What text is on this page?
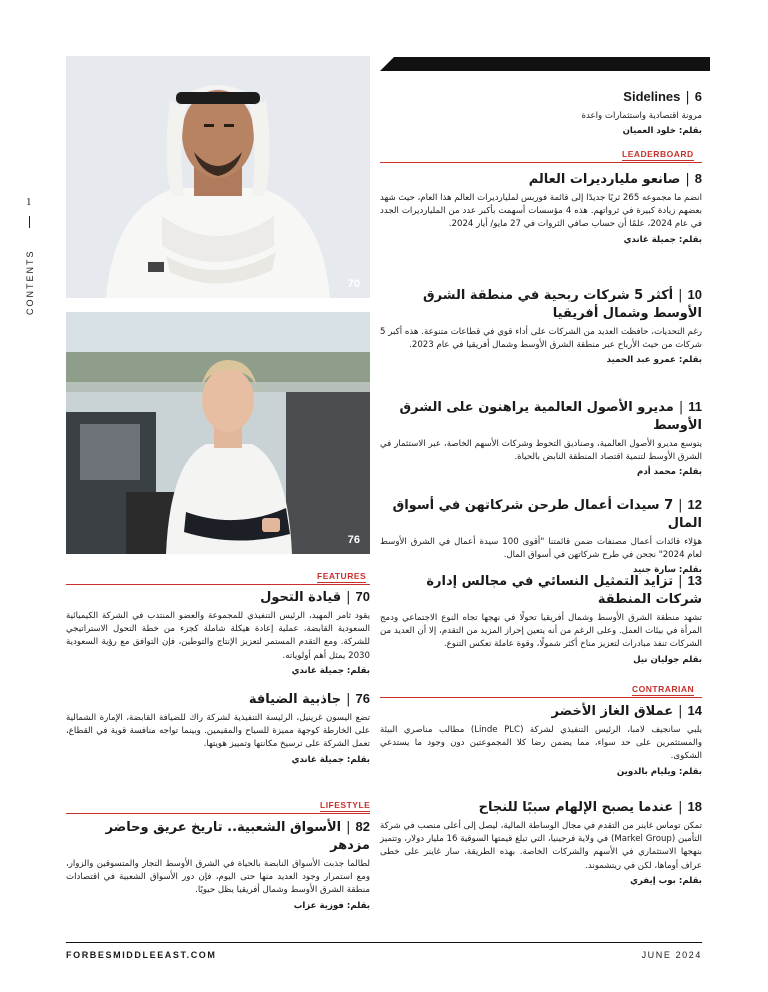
1
CONTENTS	70
76
6|Sidelines
مرونة اقتصادية واستثمارات واعدة
بقلم: خلود العميان
LEADERBOARD
8|صانعو مليارديرات العالم
انضم ما مجموعه 265 ثريًا جديدًا إلى قائمة فوربس لمليارديرات العالم هذا العام، حيث شهد بعضهم زيادة كبيرة في ثرواتهم. هذه 4 مؤسسات أسهمت بأكبر عدد من المليارديرات الجدد في عام 2024، علمًا أن حساب صافي الثروات في 27 مايو/ أيار 2024.
بقلم: جميلة غاندي
10|أكثر 5 شركات ربحية في منطقة الشرق الأوسط وشمال أفريقيا
رغم التحديات، حافظت العديد من الشركات على أداء قوي في قطاعات متنوعة. هذه أكبر 5 شركات من حيث الأرباح عبر منطقة الشرق الأوسط وشمال أفريقيا في عام 2023.
بقلم: عمرو عبد الحميد
11|مديرو الأصول العالمية يراهنون على الشرق الأوسط
يتوسع مديرو الأصول العالمية، وصناديق التحوط وشركات الأسهم الخاصة، عبر الاستثمار في الشرق الأوسط لتنمية اقتصاد المنطقة النابض بالحياة.
بقلم: محمد أدم
12|7 سيدات أعمال طرحن شركاتهن في أسواق المال
هؤلاء قائدات أعمال مصنفات ضمن قائمتنا "أقوى 100 سيدة أعمال في الشرق الأوسط لعام 2024" نجحن في طرح شركاتهن في أسواق المال.
بقلم: سارة جنيد
13|تزايد التمثيل النسائي في مجالس إدارة شركات المنطقة
تشهد منطقة الشرق الأوسط وشمال أفريقيا تحولًا في نهجها تجاه النوع الاجتماعي ودمج المرأة في بيئات العمل. وعلى الرغم من أنه يتعين إحراز المزيد من التقدم، إلا أن العديد من الشركات تنفذ مبادرات لتعزيز مناخ أكثر شمولًا، وقوة عاملة تعكس التنوع.
بقلم جوليان نيل
CONTRARIAN
14|عملاق الغاز الأخضر
يلبي سانجيف لامبا، الرئيس التنفيذي لشركة (Linde PLC) مطالب مناصري البيئة والمستثمرين على حد سواء، مما يضمن رضا كلا المجموعتين دون وجود ما يستدعي الشكوى.
بقلم: ويليام بالدوين
18|عندما يصبح الإلهام سببًا للنجاح
تمكن توماس غاينر من التقدم في مجال الوساطة المالية، ليصل إلى أعلى منصب في شركة التأمين (Markel Group) في ولاية فرجينيا، التي تبلغ قيمتها السوقية 16 مليار دولار، وتتميز بنهجها الاستثماري في الأسهم والشركات الخاصة. بهذه الطريقة، سار غاينر على خطى عراف أوماها، لكن في ريتشموند.
بقلم: بوب إيفري
FEATURES
70|قيادة التحول
يقود ثامر المهيد، الرئيس التنفيذي للمجموعة والعضو المنتدب في الشركة الكيميائية السعودية القابضة، عملية إعادة هيكلة شاملة كجزء من خطة التحول الاستراتيجي للشركة. ومع التقدم المستمر لتعزيز الإنتاج والتوطين، فإن التوافق مع رؤية السعودية 2030 يمثل أهم أولوياته.
بقلم: جميلة غاندي
76|جاذبية الضيافة
تضع اليسون غرينيل، الرئيسة التنفيذية لشركة راك للضيافة القابضة، الإمارة الشمالية على الخارطة كوجهة مميزة للسياح والمقيمين. وبينما تواجه منافسة قوية في القطاع، تعمل الشركة على ترسيخ مكانتها وتمييز هويتها.
بقلم: جميلة غاندي
LIFESTYLE
82|الأسواق الشعبية.. تاريخ عريق وحاضر مزدهر
لطالما جذبت الأسواق النابضة بالحياة في الشرق الأوسط التجار والمتسوقين والزوار، ومع استمرار وجود العديد منها حتى اليوم، فإن دور الأسواق الشعبية في اقتصادات منطقة الشرق الأوسط وشمال أفريقيا يظل حيويًا.
بقلم: فوزية عزاب
FORBESMIDDLEEAST.COM	JUNE 2024
